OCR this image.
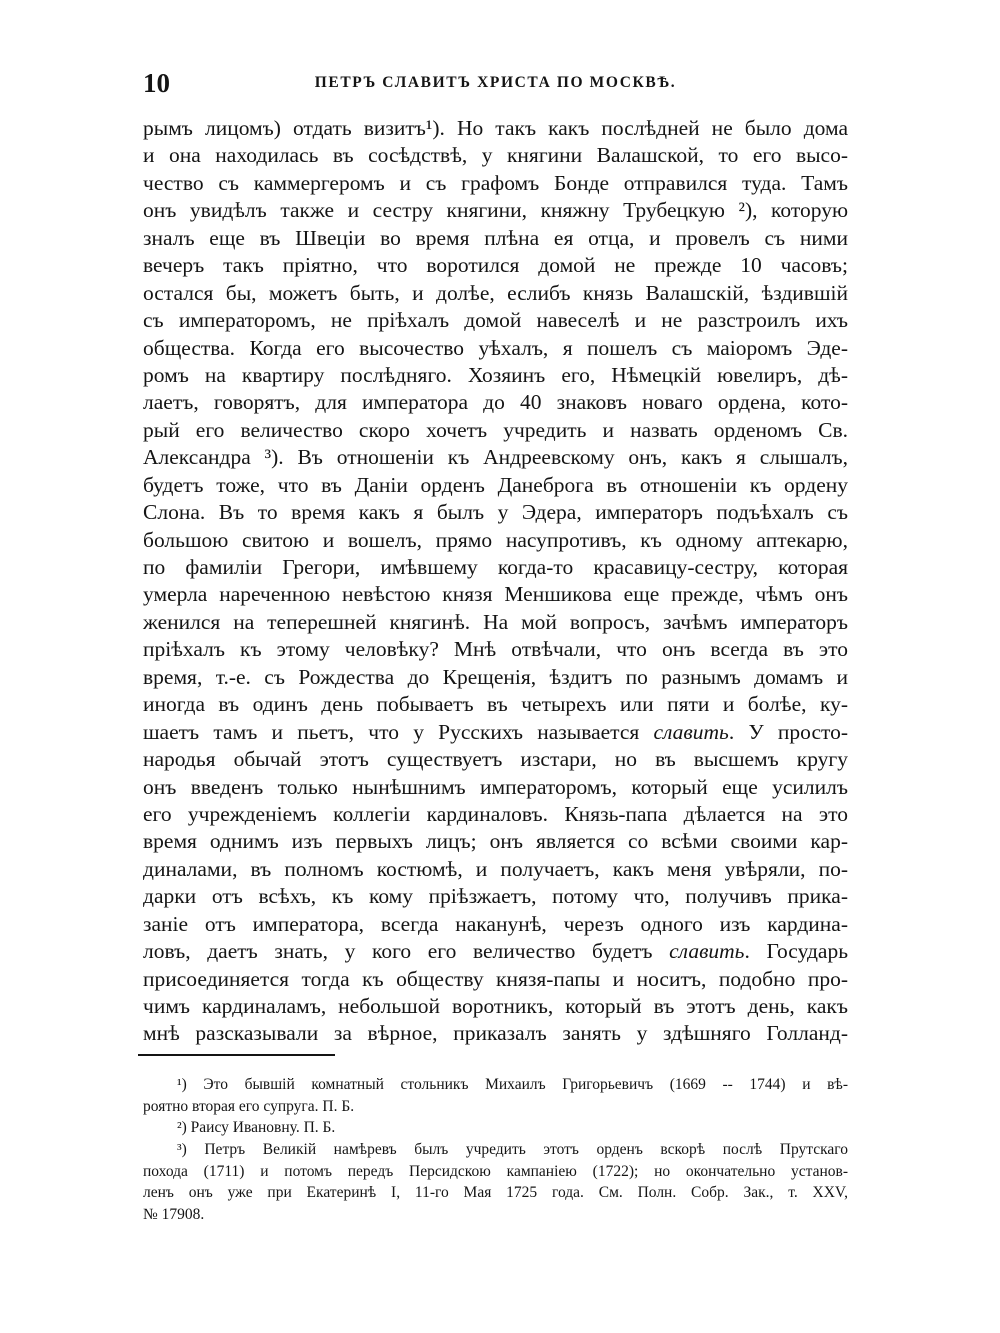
10	ПЕТРЪ СЛАВИТЪ ХРИСТА ПО МОСКВѢ.
рымъ лицомъ) отдать визитъ¹). Но такъ какъ послѣдней не было дома
и она находилась въ сосѣдствѣ, у княгини Валашской, то его высо-
чество съ каммергеромъ и съ графомъ Бонде отправился туда. Тамъ
онъ увидѣлъ также и сестру княгини, княжну Трубецкую ²), которую
зналъ еще въ Швеціи во время плѣна ея отца, и провелъ съ ними
вечеръ такъ пріятно, что воротился домой не прежде 10 часовъ;
остался бы, можетъ быть, и долѣе, еслибъ князь Валашскій, ѣздившій
съ императоромъ, не пріѣхалъ домой навеселѣ и не разстроилъ ихъ
общества. Когда его высочество уѣхалъ, я пошелъ съ маіоромъ Эде-
ромъ на квартиру послѣдняго. Хозяинъ его, Нѣмецкій ювелиръ, дѣ-
лаетъ, говорятъ, для императора до 40 знаковъ новаго ордена, кото-
рый его величество скоро хочетъ учредить и назвать орденомъ Св.
Александра ³). Въ отношеніи къ Андреевскому онъ, какъ я слышалъ,
будетъ тоже, что въ Даніи орденъ Данеброга въ отношеніи къ ордену
Слона. Въ то время какъ я былъ у Эдера, императоръ подъѣхалъ съ
большою свитою и вошелъ, прямо насупротивъ, къ одному аптекарю,
по фамиліи Грегори, имѣвшему когда-то красавицу-сестру, которая
умерла нареченною невѣстою князя Меншикова еще прежде, чѣмъ онъ
женился на теперешней княгинѣ. На мой вопросъ, зачѣмъ императоръ
пріѣхалъ къ этому человѣку? Мнѣ отвѣчали, что онъ всегда въ это
время, т.-е. съ Рождества до Крещенія, ѣздитъ по разнымъ домамъ и
иногда въ одинъ день побываетъ въ четырехъ или пяти и болѣе, ку-
шаетъ тамъ и пьетъ, что у Русскихъ называется славить. У просто-
народья обычай этотъ существуетъ изстари, но въ высшемъ кругу
онъ введенъ только нынѣшнимъ императоромъ, который еще усилилъ
его учрежденіемъ коллегіи кардиналовъ. Князь-папа дѣлается на это
время однимъ изъ первыхъ лицъ; онъ является со всѣми своими кар-
диналами, въ полномъ костюмѣ, и получаетъ, какъ меня увѣряли, по-
дарки отъ всѣхъ, къ кому пріѣзжаетъ, потому что, получивъ прика-
заніе отъ императора, всегда наканунѣ, черезъ одного изъ кардина-
ловъ, даетъ знать, у кого его величество будетъ славить. Государь
присоединяется тогда къ обществу князя-папы и носитъ, подобно про-
чимъ кардиналамъ, небольшой воротникъ, который въ этотъ день, какъ
мнѣ разсказывали за вѣрное, приказалъ занять у здѣшняго Голланд-
¹) Это бывшій комнатный стольникъ Михаилъ Григорьевичъ (1669 -- 1744) и вѣ-
роятно вторая его супруга. П. Б.
²) Раису Ивановну. П. Б.
³) Петръ Великій намѣревъ былъ учредить этотъ орденъ вскорѣ послѣ Прутскаго
похода (1711) и потомъ передъ Персидскою кампаніею (1722); но окончательно установ-
ленъ онъ уже при Екатеринѣ I, 11-го Мая 1725 года. См. Полн. Собр. Зак., т. XXV,
№ 17908.
